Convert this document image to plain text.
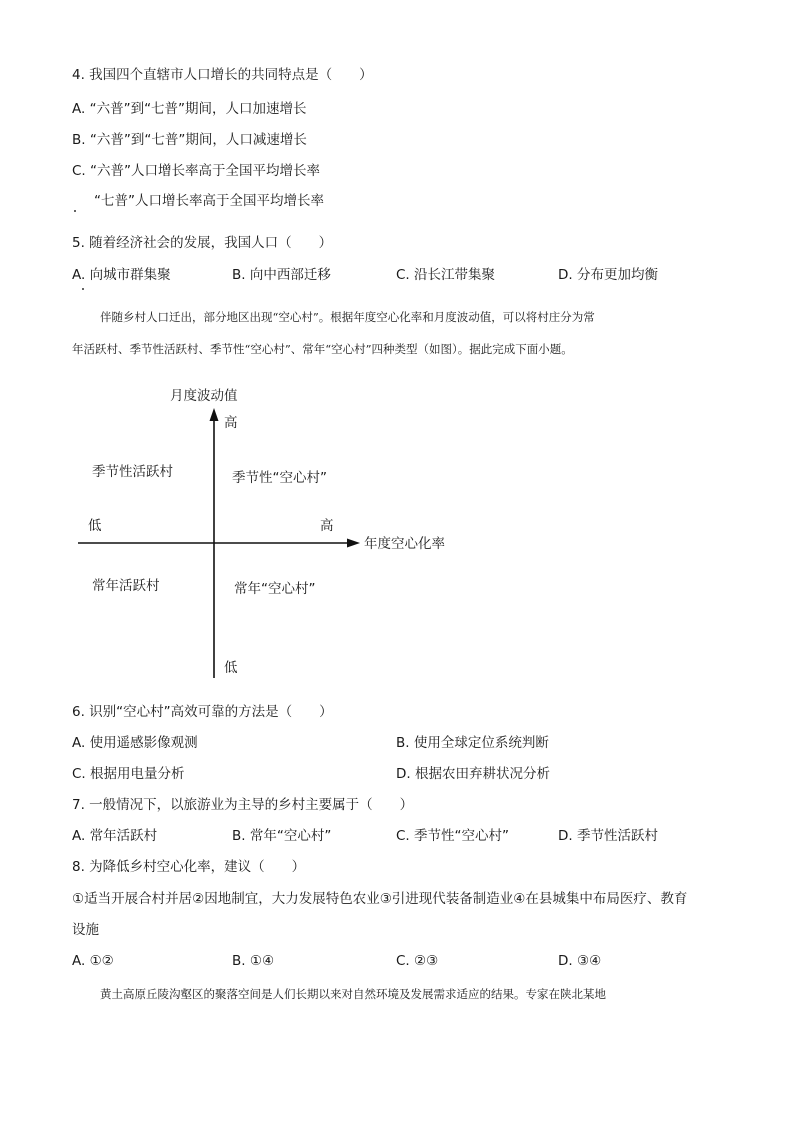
4. 我国四个直辖市人口增长的共同特点是（　　）
A. “六普”到“七普”期间，人口加速增长
B. “六普”到“七普”期间，人口减速增长
C. “六普”人口增长率高于全国平均增长率
“七普”人口增长率高于全国平均增长率
5. 随着经济社会的发展，我国人口（　　）
A. 向城市群集聚	B. 向中西部迁移	C. 沿长江带集聚	D. 分布更加均衡
伴随乡村人口迁出，部分地区出现“空心村”。根据年度空心化率和月度波动值，可以将村庄分为常
年活跃村、季节性活跃村、季节性“空心村”、常年“空心村”四种类型（如图）。据此完成下面小题。
月度波动值
高
低
年度空心化率
低	高
季节性活跃村	季节性“空心村”
常年活跃村	常年“空心村”
6. 识别“空心村”高效可靠的方法是（　　）
A. 使用遥感影像观测	B. 使用全球定位系统判断
C. 根据用电量分析	D. 根据农田弃耕状况分析
7. 一般情况下，以旅游业为主导的乡村主要属于（　　）
A. 常年活跃村	B. 常年“空心村”	C. 季节性“空心村”	D. 季节性活跃村
8. 为降低乡村空心化率，建议（　　）
①适当开展合村并居②因地制宜，大力发展特色农业③引进现代装备制造业④在县城集中布局医疗、教育
设施
A. ①②	B. ①④	C. ②③	D. ③④
黄土高原丘陵沟壑区的聚落空间是人们长期以来对自然环境及发展需求适应的结果。专家在陕北某地
